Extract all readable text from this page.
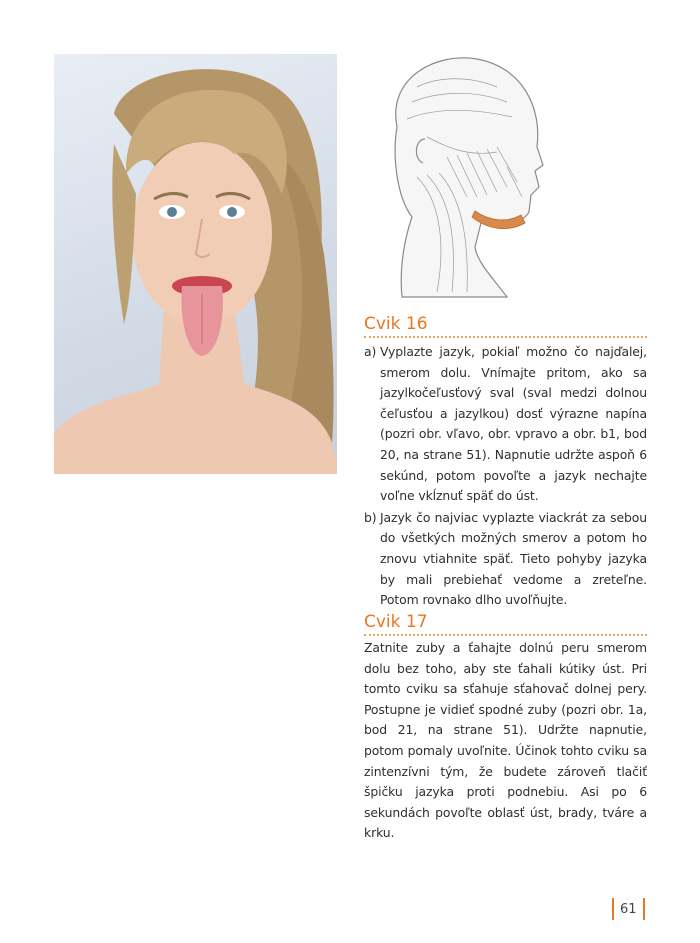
Cvik 16
a) Vyplazte jazyk, pokiaľ možno čo najďalej, smerom dolu. Vnímajte pritom, ako sa jazylkočeľusťový sval (sval medzi dolnou čeľusťou a jazylkou) dosť výrazne napína (pozri obr. vľavo, obr. vpravo a obr. b1, bod 20, na strane 51). Napnutie udržte aspoň 6 sekúnd, potom povoľte a jazyk nechajte voľne vkĺznuť späť do úst.
b) Jazyk čo najviac vyplazte viackrát za sebou do všetkých možných smerov a potom ho znovu vtiahnite späť. Tieto pohyby jazyka by mali prebiehať vedome a zreteľne. Potom rovnako dlho uvoľňujte.
Cvik 17

Zatnite zuby a ťahajte dolnú peru smerom dolu bez toho, aby ste ťahali kútiky úst. Pri tomto cviku sa sťahuje sťahovač dolnej pery. Postupne je vidieť spodné zuby (pozri obr. 1a, bod 21, na strane 51). Udržte napnutie, potom pomaly uvoľnite. Účinok tohto cviku sa zintenzívni tým, že budete zároveň tlačiť špičku jazyka proti podnebiu. Asi po 6 sekundách povoľte oblasť úst, brady, tváre a krku.

61
